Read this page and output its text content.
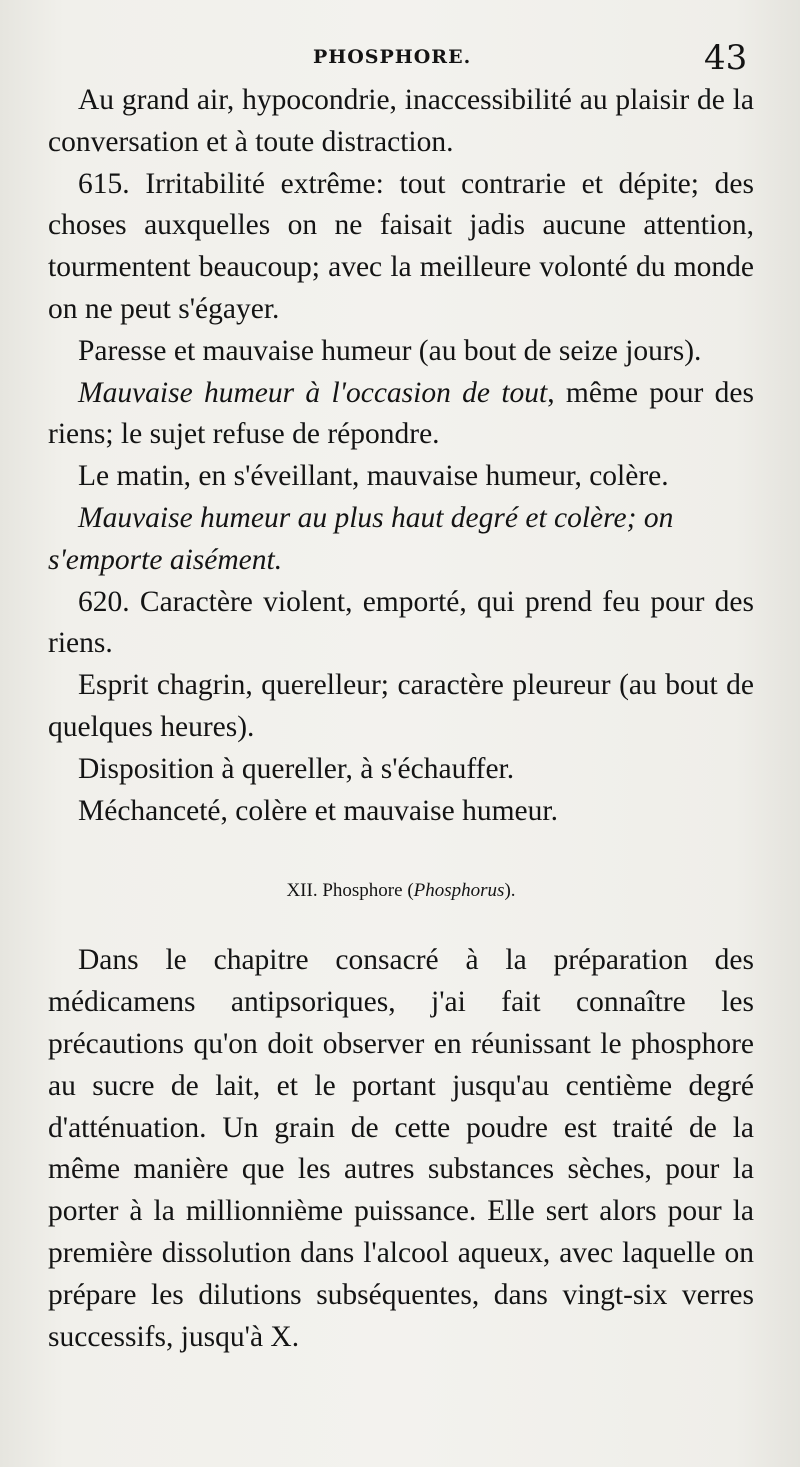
PHOSPHORE.	43

Au grand air, hypocondrie, inaccessibilité au plaisir de la conversation et à toute distraction.

615. Irritabilité extrême: tout contrarie et dépite; des choses auxquelles on ne faisait jadis aucune attention, tourmentent beaucoup; avec la meilleure volonté du monde on ne peut s'égayer.

Paresse et mauvaise humeur (au bout de seize jours).

Mauvaise humeur à l'occasion de tout, même pour des riens; le sujet refuse de répondre.

Le matin, en s'éveillant, mauvaise humeur, colère.

Mauvaise humeur au plus haut degré et colère; on s'emporte aisément.

620. Caractère violent, emporté, qui prend feu pour des riens.

Esprit chagrin, querelleur; caractère pleureur (au bout de quelques heures).

Disposition à quereller, à s'échauffer.

Méchanceté, colère et mauvaise humeur.

XII. Phosphore (Phosphorus).

Dans le chapitre consacré à la préparation des médicamens antipsoriques, j'ai fait connaître les précautions qu'on doit observer en réunissant le phosphore au sucre de lait, et le portant jusqu'au centième degré d'atténuation. Un grain de cette poudre est traité de la même manière que les autres substances sèches, pour la porter à la millionnième puissance. Elle sert alors pour la première dissolution dans l'alcool aqueux, avec laquelle on prépare les dilutions subséquentes, dans vingt-six verres successifs, jusqu'à X.
